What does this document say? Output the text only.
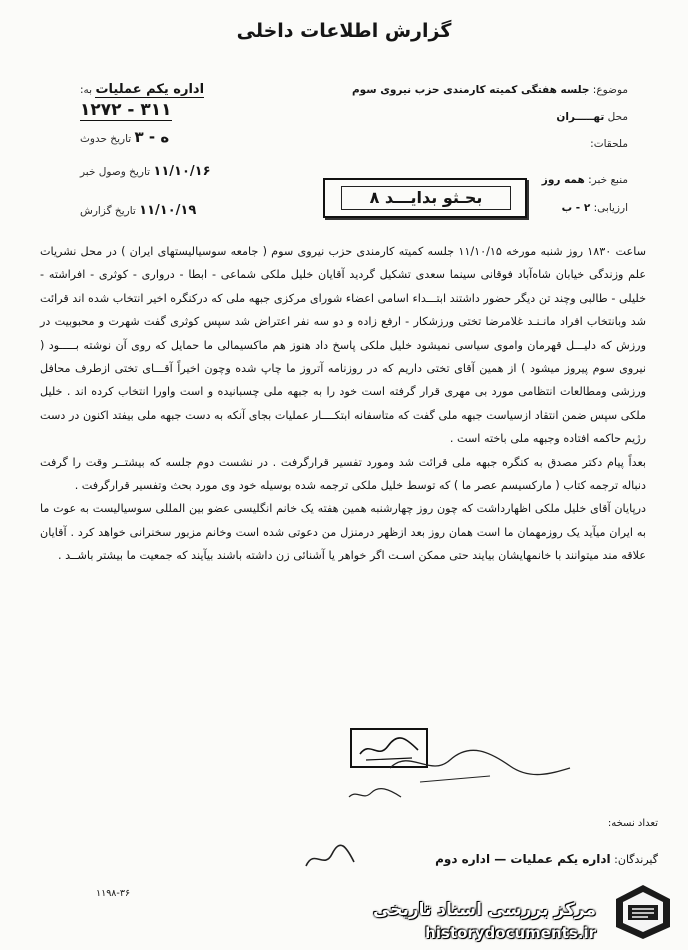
گزارش اطلاعات داخلی
موضوع: جلسه هفتگی کمیته کارمندی حزب نیروی سوم
محل تهـــــران
ملحقات:
منبع خبر: همه روز
ارزیابی: ۲ - ب
اداره یکم عملیات به:
۳۱۱ - ۱۲۷۲
ه - ۳ تاریخ حدوث
۱۱/۱۰/۱۶ تاریخ وصول خبر
۱۱/۱۰/۱۹ تاریخ گزارش
بحـثو بدایـــد ۸

ساعت ۱۸۳۰ روز شنبه مورخه ۱۱/۱۰/۱۵ جلسه کمیته کارمندی حزب نیروی سوم ( جامعه سوسیالیستهای ایران ) در محل نشریات علم وزندگی خیابان شاه‌آباد فوقانی سینما سعدی تشکیل گردید آقایان خلیل ملکی شماعی - ابطا - درواری - کوثری - افراشته - خلیلی - طالبی وچند تن دیگر حضور داشتند ابتـــداء اسامی اعضاء شورای مرکزی جبهه ملی که درکنگره اخیر انتخاب شده اند قرائت شد وبانتخاب افراد مانـنـد غلامرضا تختی ورزشکار - ارفع زاده و دو سه نفر اعتراض شد سپس کوثری گفت شهرت و محبوبیت در ورزش که دلیـــل قهرمان واموی سیاسی نمیشود خلیل ملکی پاسخ داد هنوز هم ماکسیمالی ما حمایل که روی آن نوشته بـــــود ( نیروی سوم پیروز میشود ) از همین آقای تختی داریم که در روزنامه آتروز ما چاپ شده وچون اخیراً آقـــای تختی ازطرف محافل ورزشی ومطالعات انتظامی مورد بی مهری قرار گرفته است خود را به جبهه ملی چسبانیده و است واورا انتخاب کرده اند . خلیل ملکی سپس ضمن انتقاد ازسیاست جبهه ملی گفت که متاسفانه ابتکــــار عملیات بجای آنکه به دست جبهه ملی بیفتد اکنون در دست رژیم حاکمه افتاده وجبهه ملی باخته است .

بعداً پیام دکتر مصدق به کنگره جبهه ملی قرائت شد ومورد تفسیر قرارگرفت . در نشست دوم جلسه که بیشتــر وقت را گرفت دنباله ترجمه کتاب ( مارکسیسم عصر ما ) که توسط خلیل ملکی ترجمه شده بوسیله خود وی مورد بحث وتفسیر قرارگرفت .

درپایان آقای خلیل ملکی اظهارداشت که چون روز چهارشنبه همین هفته یک خانم انگلیسی عضو بین المللی سوسیالیست به عوت ما به ایران میآید یک روزمهمان ما است همان روز بعد ازظهر درمنزل من دعوتی شده است وخانم مزبور سخنرانی خواهد کرد . آقایان علاقه مند میتوانند با خانمهایشان بیایند حتی ممکن اسـت اگر خواهر یا آشنائی زن داشته باشند بیآیند که جمعیت ما بیشتر باشــد .

تعداد نسخه:
گیرندگان: اداره یکم عملیات — اداره دوم
۱۱۹۸-۳۶
مرکز بررسی اسناد تاریخی
historydocuments.ir
